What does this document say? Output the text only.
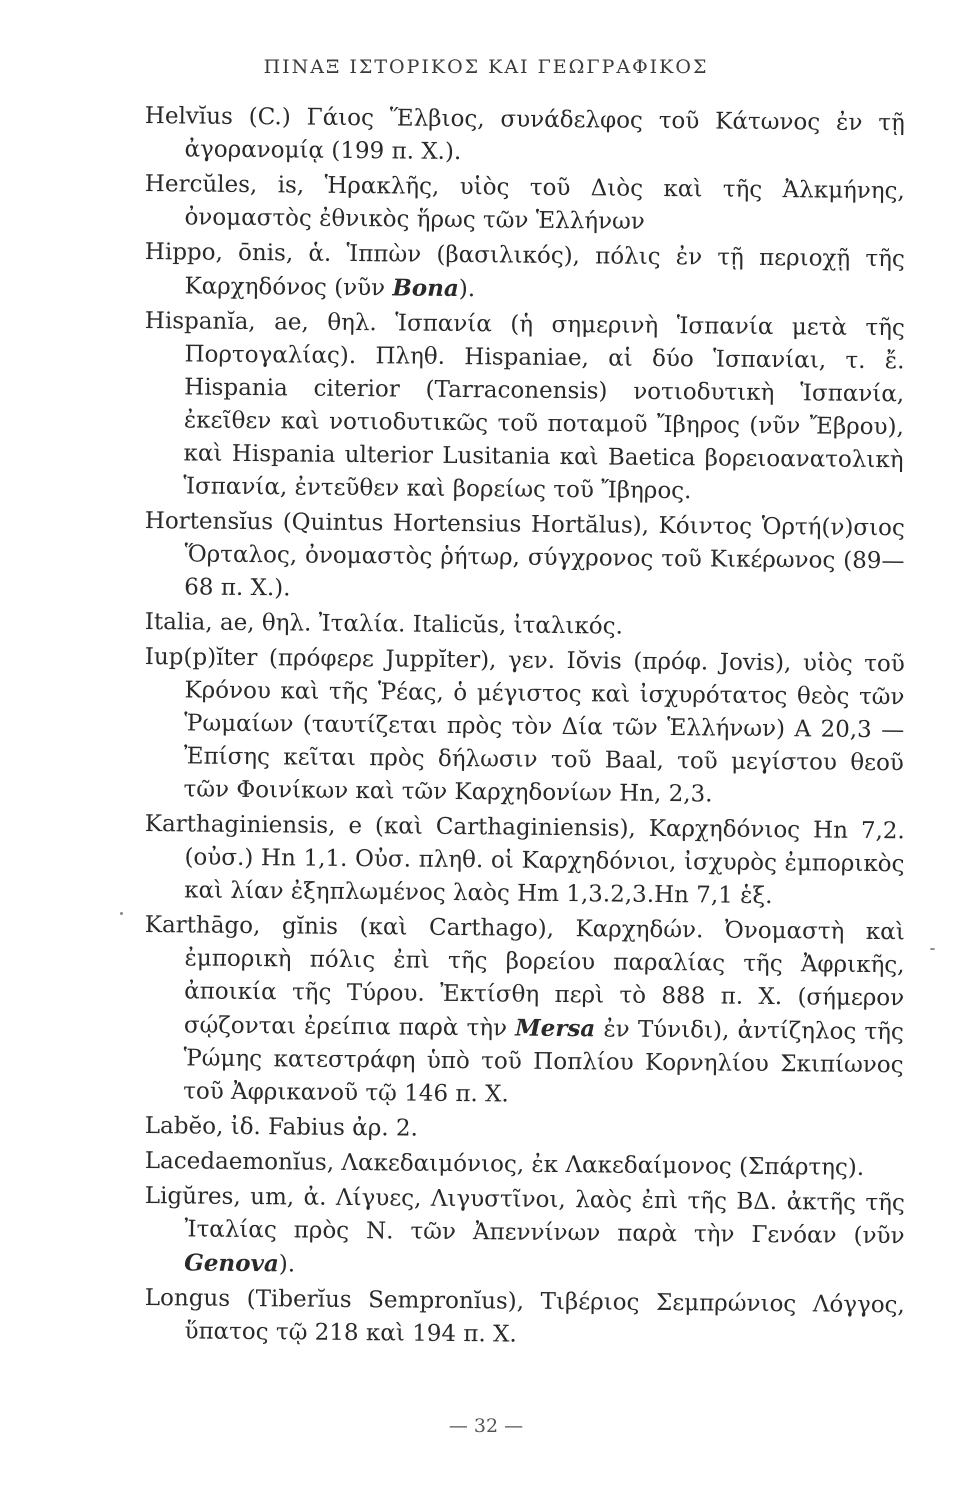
ΠΙΝΑΞ ΙΣΤΟΡΙΚΟΣ ΚΑΙ ΓΕΩΓΡΑΦΙΚΟΣ

Helvĭus (C.) Γάιος Ἕλβιος, συνάδελφος τοῦ Κάτωνος ἐν τῇ ἀγορανομίᾳ (199 π. Χ.).

Hercŭles, is, Ἡρακλῆς, υἱὸς τοῦ Διὸς καὶ τῆς Ἀλκμήνης, ὀνομαστὸς ἐθνικὸς ἥρως τῶν Ἑλλήνων

Hippo, ōnis, ἁ. Ἱππὼν (βασιλικός), πόλις ἐν τῇ περιοχῇ τῆς Καρχηδόνος (νῦν Bona).

Hispanĭa, ae, θηλ. Ἱσπανία (ἡ σημερινὴ Ἱσπανία μετὰ τῆς Πορτογαλίας). Πληθ. Hispaniae, αἱ δύο Ἱσπανίαι, τ. ἔ. Hispania citerior (Tarraconensis) νοτιοδυτικὴ Ἱσπανία, ἐκεῖθεν καὶ νοτιοδυτικῶς τοῦ ποταμοῦ Ἴβηρος (νῦν Ἔβρου), καὶ Hispania ulterior Lusitania καὶ Baetica βορειοανατολικὴ Ἱσπανία, ἐντεῦθεν καὶ βορείως τοῦ Ἴβηρος.

Hortensĭus (Quintus Hortensius Hortălus), Κόιντος Ὁρτή(ν)σιος Ὅρταλος, ὀνομαστὸς ῥήτωρ, σύγχρονος τοῦ Κικέρωνος (89—68 π. Χ.).

Italia, ae, θηλ. Ἰταλία. Italicŭs, ἰταλικός.

Iup(p)ĭter (πρόφερε Juppĭter), γεν. Iŏvis (πρόφ. Jovis), υἱὸς τοῦ Κρόνου καὶ τῆς Ῥέας, ὁ μέγιστος καὶ ἰσχυρότατος θεὸς τῶν Ῥωμαίων (ταυτίζεται πρὸς τὸν Δία τῶν Ἑλλήνων) A 20,3 —Ἐπίσης κεῖται πρὸς δήλωσιν τοῦ Baal, τοῦ μεγίστου θεοῦ τῶν Φοινίκων καὶ τῶν Καρχηδονίων Hn, 2,3.

Karthaginiensis, e (καὶ Carthaginiensis), Καρχηδόνιος Hn 7,2. (οὐσ.) Hn 1,1. Οὐσ. πληθ. οἱ Καρχηδόνιοι, ἰσχυρὸς ἐμπορικὸς καὶ λίαν ἐξηπλωμένος λαὸς Hm 1,3.2,3.Hn 7,1 ἑξ.

Karthāgo, gĭnis (καὶ Carthago), Καρχηδών. Ὀνομαστὴ καὶ ἐμπορικὴ πόλις ἐπὶ τῆς βορείου παραλίας τῆς Ἀφρικῆς, ἀποικία τῆς Τύρου. Ἐκτίσθη περὶ τὸ 888 π. Χ. (σήμερον σῴζονται ἐρείπια παρὰ τὴν Mersa ἐν Τύνιδι), ἀντίζηλος τῆς Ῥώμης κατεστράφη ὑπὸ τοῦ Ποπλίου Κορνηλίου Σκιπίωνος τοῦ Ἀφρικανοῦ τῷ 146 π. Χ.

Labĕo, ἰδ. Fabius ἀρ. 2.

Lacedaemonĭus, Λακεδαιμόνιος, ἐκ Λακεδαίμονος (Σπάρτης).

Ligŭres, um, ἀ. Λίγυες, Λιγυστῖνοι, λαὸς ἐπὶ τῆς ΒΔ. ἀκτῆς τῆς Ἰταλίας πρὸς Ν. τῶν Ἀπεννίνων παρὰ τὴν Γενόαν (νῦν Genova).

Longus (Tiberĭus Sempronĭus), Τιβέριος Σεμπρώνιος Λόγγος, ὕπατος τῷ 218 καὶ 194 π. Χ.

— 32 —
